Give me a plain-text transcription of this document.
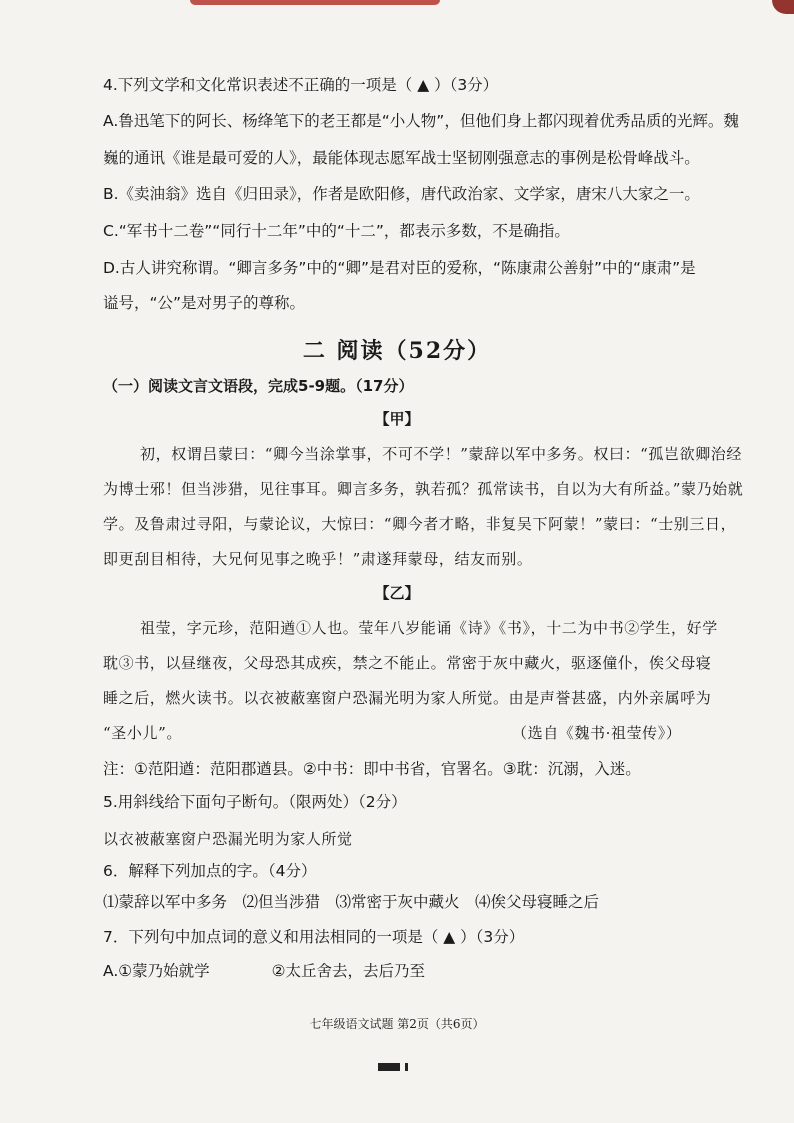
4.下列文学和文化常识表述不正确的一项是（ ▲ ）（3分）
A.鲁迅笔下的阿长、杨绛笔下的老王都是“小人物”，但他们身上都闪现着优秀品质的光辉。魏
巍的通讯《谁是最可爱的人》，最能体现志愿军战士坚韧刚强意志的事例是松骨峰战斗。
B.《卖油翁》选自《归田录》，作者是欧阳修，唐代政治家、文学家，唐宋八大家之一。
C.“军书十二卷”“同行十二年”中的“十二”，都表示多数，不是确指。
D.古人讲究称谓。“卿言多务”中的“卿”是君对臣的爱称，“陈康肃公善射”中的“康肃”是
谥号，“公”是对男子的尊称。
二 阅读（52分）
（一）阅读文言文语段，完成5-9题。（17分）
【甲】
初，权谓吕蒙曰：“卿今当涂掌事，不可不学！”蒙辞以军中多务。权曰：“孤岂欲卿治经
为博士邪！但当涉猎，见往事耳。卿言多务，孰若孤？孤常读书，自以为大有所益。”蒙乃始就
学。及鲁肃过寻阳，与蒙论议，大惊曰：“卿今者才略，非复吴下阿蒙！”蒙曰：“士别三日，
即更刮目相待，大兄何见事之晚乎！”肃遂拜蒙母，结友而别。
【乙】
祖莹，字元珍，范阳遒①人也。莹年八岁能诵《诗》《书》，十二为中书②学生，好学
耽③书，以昼继夜，父母恐其成疾，禁之不能止。常密于灰中藏火，驱逐僮仆，俟父母寝
睡之后，燃火读书。以衣被蔽塞窗户恐漏光明为家人所觉。由是声誉甚盛，内外亲属呼为
“圣小儿”。	（选自《魏书·祖莹传》）
注：①范阳遒：范阳郡遒县。②中书：即中书省，官署名。③耽：沉溺，入迷。
5.用斜线给下面句子断句。（限两处）（2分）
以衣被蔽塞窗户恐漏光明为家人所觉
6．解释下列加点的字。（4分）
⑴蒙辞以军中多务　⑵但当涉猎　⑶常密于灰中藏火　⑷俟父母寝睡之后
7．下列句中加点词的意义和用法相同的一项是（ ▲ ）（3分）
A.①蒙乃始就学　　　　②太丘舍去，去后乃至
七年级语文试题 第2页（共6页）
